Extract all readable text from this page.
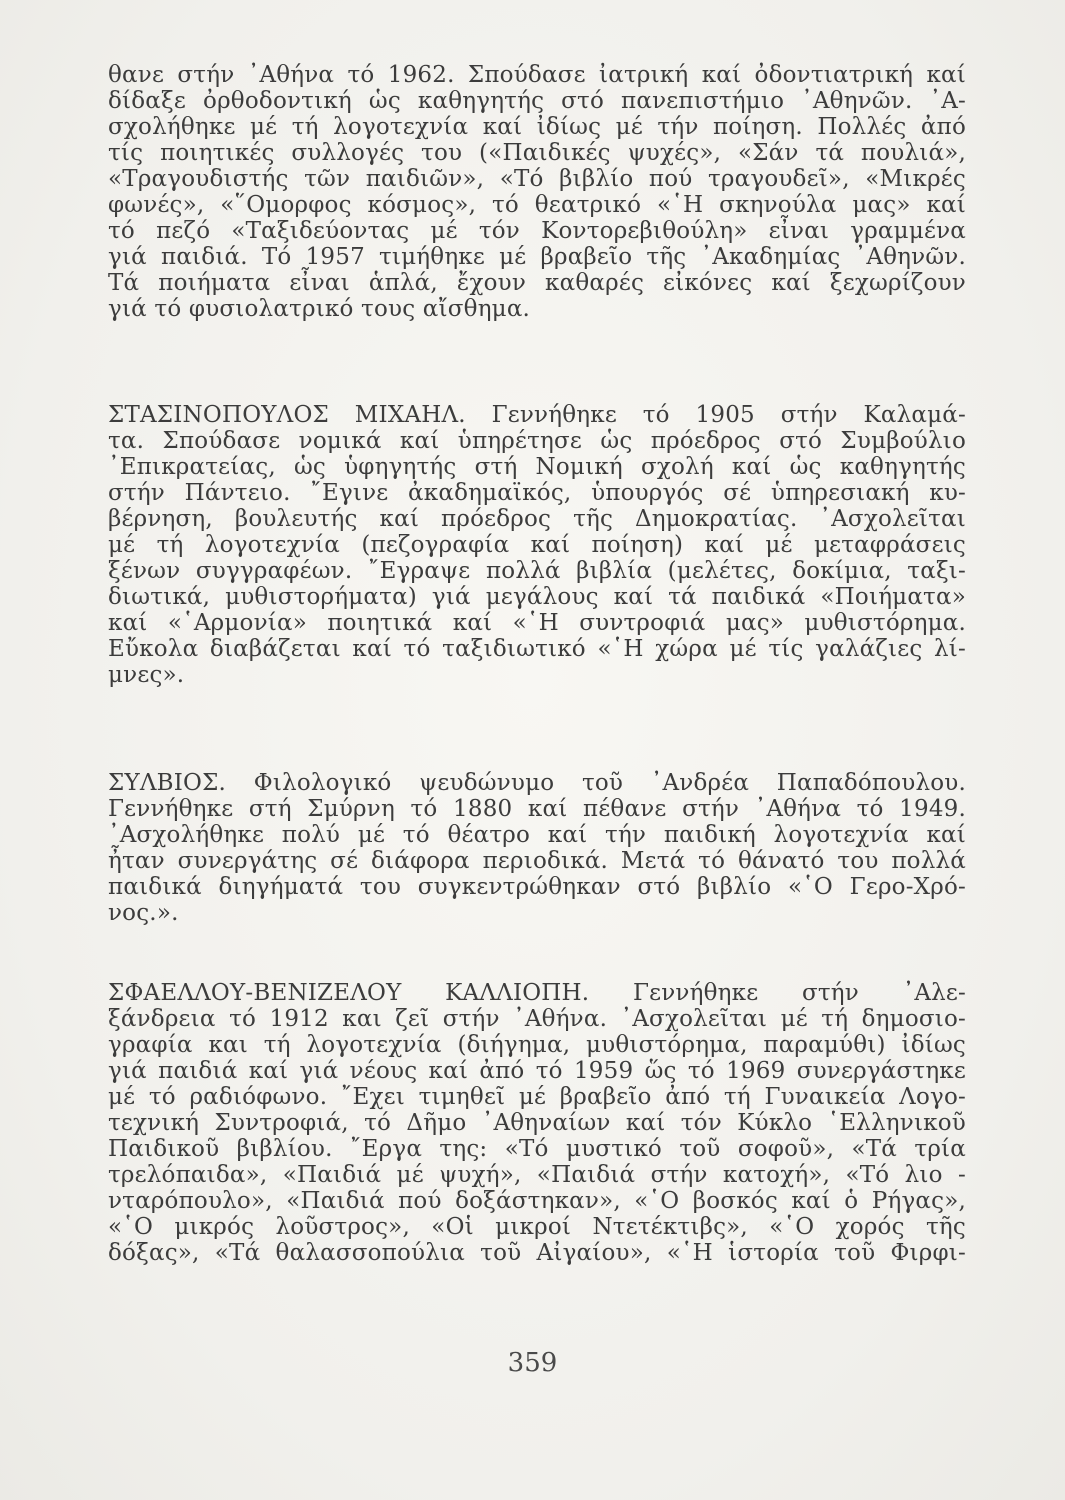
θανε στήν ᾿Αθήνα τό 1962. Σπούδασε ἰατρική καί ὀδοντιατρική καί
δίδαξε ὀρθοδοντική ὡς καθηγητής στό πανεπιστήμιο ᾿Αθηνῶν. ᾿Α-
σχολήθηκε μέ τή λογοτεχνία καί ἰδίως μέ τήν ποίηση. Πολλές ἀπό
τίς ποιητικές συλλογές του («Παιδικές ψυχές», «Σάν τά πουλιά»,
«Τραγουδιστής τῶν παιδιῶν», «Τό βιβλίο πού τραγουδεῖ», «Μικρές
φωνές», «῞Ομορφος κόσμος», τό θεατρικό «῾Η σκηνούλα μας» καί
τό πεζό «Ταξιδεύοντας μέ τόν Κοντορεβιθούλη» εἶναι γραμμένα
γιά παιδιά. Τό 1957 τιμήθηκε μέ βραβεῖο τῆς ᾿Ακαδημίας ᾿Αθηνῶν.
Τά ποιήματα εἶναι ἁπλά, ἔχουν καθαρές εἰκόνες καί ξεχωρίζουν
γιά τό φυσιολατρικό τους αἴσθημα.
ΣΤΑΣΙΝΟΠΟΥΛΟΣ ΜΙΧΑΗΛ. Γεννήθηκε τό 1905 στήν Καλαμά-
τα. Σπούδασε νομικά καί ὑπηρέτησε ὡς πρόεδρος στό Συμβούλιο
᾿Επικρατείας, ὡς ὑφηγητής στή Νομική σχολή καί ὡς καθηγητής
στήν Πάντειο. ῎Εγινε ἀκαδημαϊκός, ὑπουργός σέ ὑπηρεσιακή κυ-
βέρνηση, βουλευτής καί πρόεδρος τῆς Δημοκρατίας. ᾿Ασχολεῖται
μέ τή λογοτεχνία (πεζογραφία καί ποίηση) καί μέ μεταφράσεις
ξένων συγγραφέων. ῎Εγραψε πολλά βιβλία (μελέτες, δοκίμια, ταξι-
διωτικά, μυθιστορήματα) γιά μεγάλους καί τά παιδικά «Ποιήματα»
καί «῾Αρμονία» ποιητικά καί «῾Η συντροφιά μας» μυθιστόρημα.
Εὔκολα διαβάζεται καί τό ταξιδιωτικό «῾Η χώρα μέ τίς γαλάζιες λί-
μνες».
ΣΥΛΒΙΟΣ. Φιλολογικό ψευδώνυμο τοῦ ᾿Ανδρέα Παπαδόπουλου.
Γεννήθηκε στή Σμύρνη τό 1880 καί πέθανε στήν ᾿Αθήνα τό 1949.
᾿Ασχολήθηκε πολύ μέ τό θέατρο καί τήν παιδική λογοτεχνία καί
ἦταν συνεργάτης σέ διάφορα περιοδικά. Μετά τό θάνατό του πολλά
παιδικά διηγήματά του συγκεντρώθηκαν στό βιβλίο «῾Ο Γερο-Χρό-
νος.».
ΣΦΑΕΛΛΟΥ-ΒΕΝΙΖΕΛΟΥ ΚΑΛΛΙΟΠΗ. Γεννήθηκε στήν ᾿Αλε-
ξάνδρεια τό 1912 και ζεῖ στήν ᾿Αθήνα. ᾿Ασχολεῖται μέ τή δημοσιο-
γραφία και τή λογοτεχνία (διήγημα, μυθιστόρημα, παραμύθι) ἰδίως
γιά παιδιά καί γιά νέους καί ἀπό τό 1959 ὥς τό 1969 συνεργάστηκε
μέ τό ραδιόφωνο. ῎Εχει τιμηθεῖ μέ βραβεῖο ἀπό τή Γυναικεία Λογο-
τεχνική Συντροφιά, τό Δῆμο ᾿Αθηναίων καί τόν Κύκλο ῾Ελληνικοῦ
Παιδικοῦ βιβλίου. ῎Εργα της: «Τό μυστικό τοῦ σοφοῦ», «Τά τρία
τρελόπαιδα», «Παιδιά μέ ψυχή», «Παιδιά στήν κατοχή», «Τό λιο -
νταρόπουλο», «Παιδιά πού δοξάστηκαν», «῾Ο βοσκός καί ὁ Ρήγας»,
«῾Ο μικρός λοῦστρος», «Οἱ μικροί Ντετέκτιβς», «῾Ο χορός τῆς
δόξας», «Τά θαλασσοπούλια τοῦ Αἰγαίου», «῾Η ἱστορία τοῦ Φιρφι-
359
